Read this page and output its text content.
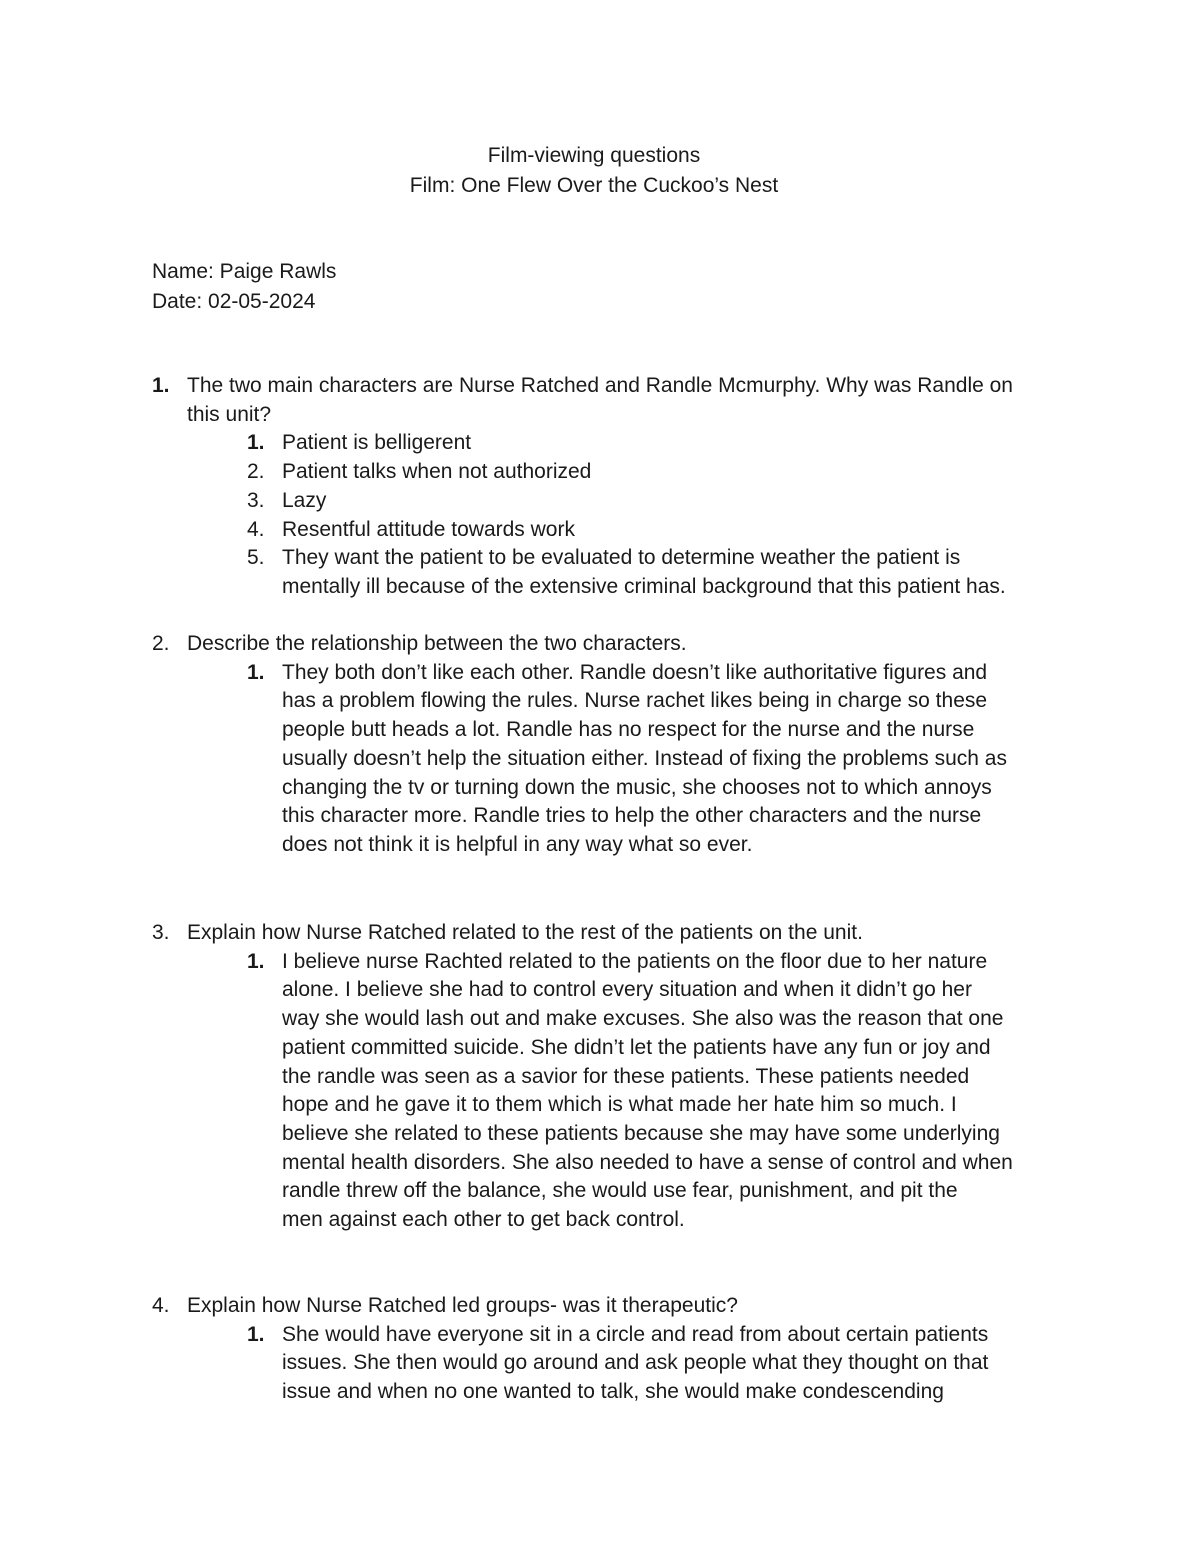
Film-viewing questions
Film: One Flew Over the Cuckoo’s Nest
Name: Paige Rawls
Date: 02-05-2024
1. The two main characters are Nurse Ratched and Randle Mcmurphy. Why was Randle on
this unit?
1. Patient is belligerent
2. Patient talks when not authorized
3. Lazy
4. Resentful attitude towards work
5. They want the patient to be evaluated to determine weather the patient is
mentally ill because of the extensive criminal background that this patient has.
2. Describe the relationship between the two characters.
1. They both don’t like each other. Randle doesn’t like authoritative figures and
has a problem flowing the rules. Nurse rachet likes being in charge so these
people butt heads a lot. Randle has no respect for the nurse and the nurse
usually doesn’t help the situation either. Instead of fixing the problems such as
changing the tv or turning down the music, she chooses not to which annoys
this character more. Randle tries to help the other characters and the nurse
does not think it is helpful in any way what so ever.
3. Explain how Nurse Ratched related to the rest of the patients on the unit.
1. I believe nurse Rachted related to the patients on the floor due to her nature
alone. I believe she had to control every situation and when it didn’t go her
way she would lash out and make excuses. She also was the reason that one
patient committed suicide. She didn’t let the patients have any fun or joy and
the randle was seen as a savior for these patients. These patients needed
hope and he gave it to them which is what made her hate him so much. I
believe she related to these patients because she may have some underlying
mental health disorders. She also needed to have a sense of control and when
randle threw off the balance, she would use fear, punishment, and pit the
men against each other to get back control.
4. Explain how Nurse Ratched led groups- was it therapeutic?
1. She would have everyone sit in a circle and read from about certain patients
issues. She then would go around and ask people what they thought on that
issue and when no one wanted to talk, she would make condescending
